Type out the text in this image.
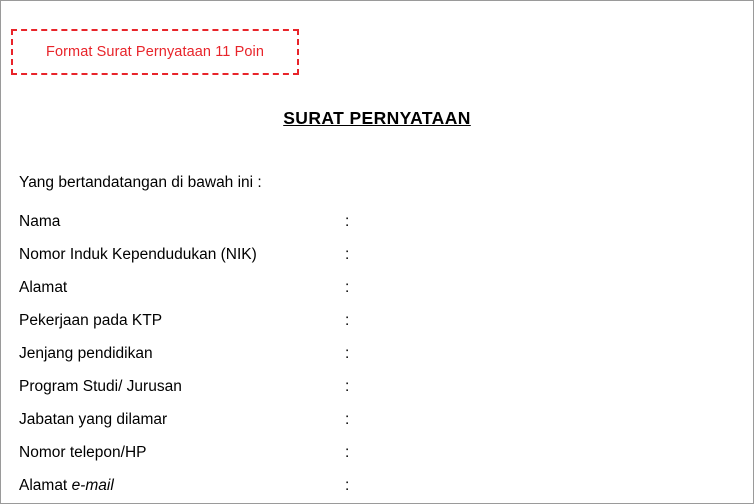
Format Surat Pernyataan 11 Poin
SURAT PERNYATAAN
Yang bertandatangan di bawah ini :
Nama	:
Nomor Induk Kependudukan (NIK)	:
Alamat	:
Pekerjaan pada KTP	:
Jenjang pendidikan	:
Program Studi/ Jurusan	:
Jabatan yang dilamar	:
Nomor telepon/HP	:
Alamat e-mail	:
